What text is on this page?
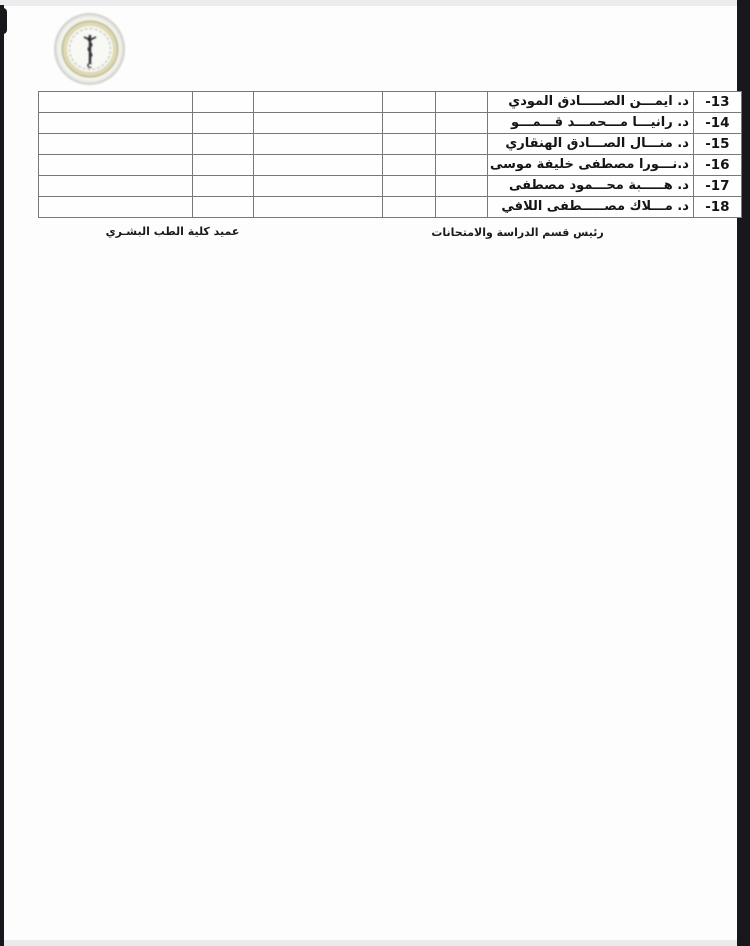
C
					د. ايمـــن الصـــــادق المودي	-13
					د. رانيـــا مـــحمـــد قـــمـــو	-14
					د. منـــال الصـــادق الهنقاري	-15
					د.نـــورا مصطفى خليفة موسى	-16
					د. هـــــبة محـــمود مصطفى	-17
					د. مـــلاك مصـــــطفى اللافي	-18
رئيس قسم الدراسة والامتحانات
عميد كلية الطب البشـري
